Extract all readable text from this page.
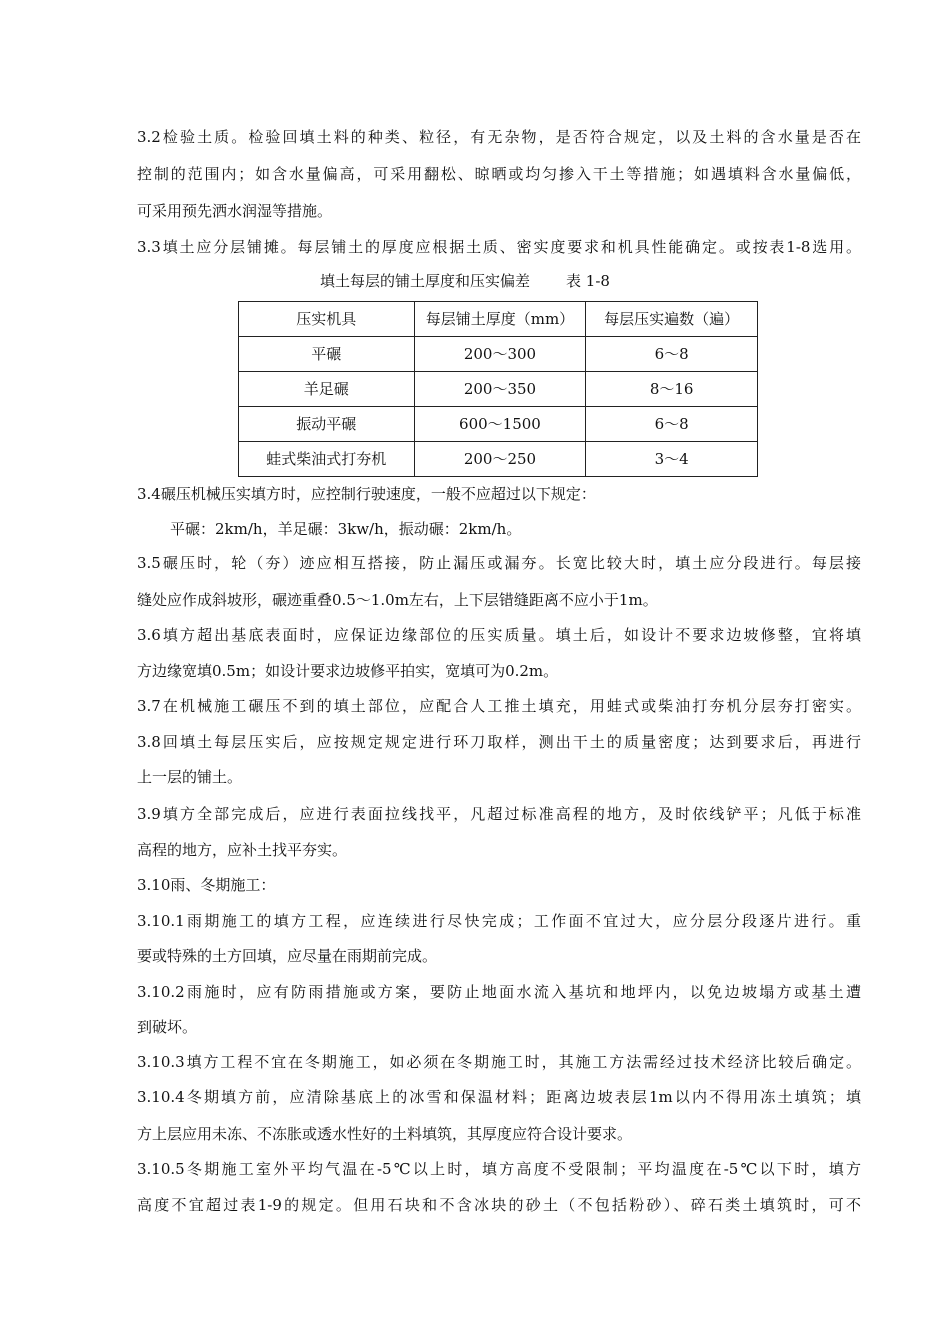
3.2检验土质。检验回填土料的种类、粒径，有无杂物，是否符合规定，以及土料的含水量是否在
控制的范围内；如含水量偏高，可采用翻松、晾晒或均匀掺入干土等措施；如遇填料含水量偏低，
可采用预先洒水润湿等措施。
3.3填土应分层铺摊。每层铺土的厚度应根据土质、密实度要求和机具性能确定。或按表1-8选用。
填土每层的铺土厚度和压实偏差 表 1-8
压实机具	每层铺土厚度（mm）	每层压实遍数（遍）
平碾	200～300	6～8
羊足碾	200～350	8～16
振动平碾	600～1500	6～8
蛙式柴油式打夯机	200～250	3～4
3.4碾压机械压实填方时，应控制行驶速度，一般不应超过以下规定：
平碾：2km/h，羊足碾：3kw/h，振动碾：2km/h。
3.5碾压时，轮（夯）迹应相互搭接，防止漏压或漏夯。长宽比较大时，填土应分段进行。每层接
缝处应作成斜坡形，碾迹重叠0.5～1.0m左右，上下层错缝距离不应小于1m。
3.6填方超出基底表面时，应保证边缘部位的压实质量。填土后，如设计不要求边坡修整，宜将填
方边缘宽填0.5m；如设计要求边坡修平拍实，宽填可为0.2m。
3.7在机械施工碾压不到的填土部位，应配合人工推土填充，用蛙式或柴油打夯机分层夯打密实。
3.8回填土每层压实后，应按规定规定进行环刀取样，测出干土的质量密度；达到要求后，再进行
上一层的铺土。
3.9填方全部完成后，应进行表面拉线找平，凡超过标准高程的地方，及时依线铲平；凡低于标准
高程的地方，应补土找平夯实。
3.10雨、冬期施工：
3.10.1雨期施工的填方工程，应连续进行尽快完成；工作面不宜过大，应分层分段逐片进行。重
要或特殊的土方回填，应尽量在雨期前完成。
3.10.2雨施时，应有防雨措施或方案，要防止地面水流入基坑和地坪内，以免边坡塌方或基土遭
到破坏。
3.10.3填方工程不宜在冬期施工，如必须在冬期施工时，其施工方法需经过技术经济比较后确定。
3.10.4冬期填方前，应清除基底上的冰雪和保温材料；距离边坡表层1m以内不得用冻土填筑；填
方上层应用未冻、不冻胀或透水性好的土料填筑，其厚度应符合设计要求。
3.10.5冬期施工室外平均气温在-5℃以上时，填方高度不受限制；平均温度在-5℃以下时，填方
高度不宜超过表1-9的规定。但用石块和不含冰块的砂土（不包括粉砂）、碎石类土填筑时，可不
